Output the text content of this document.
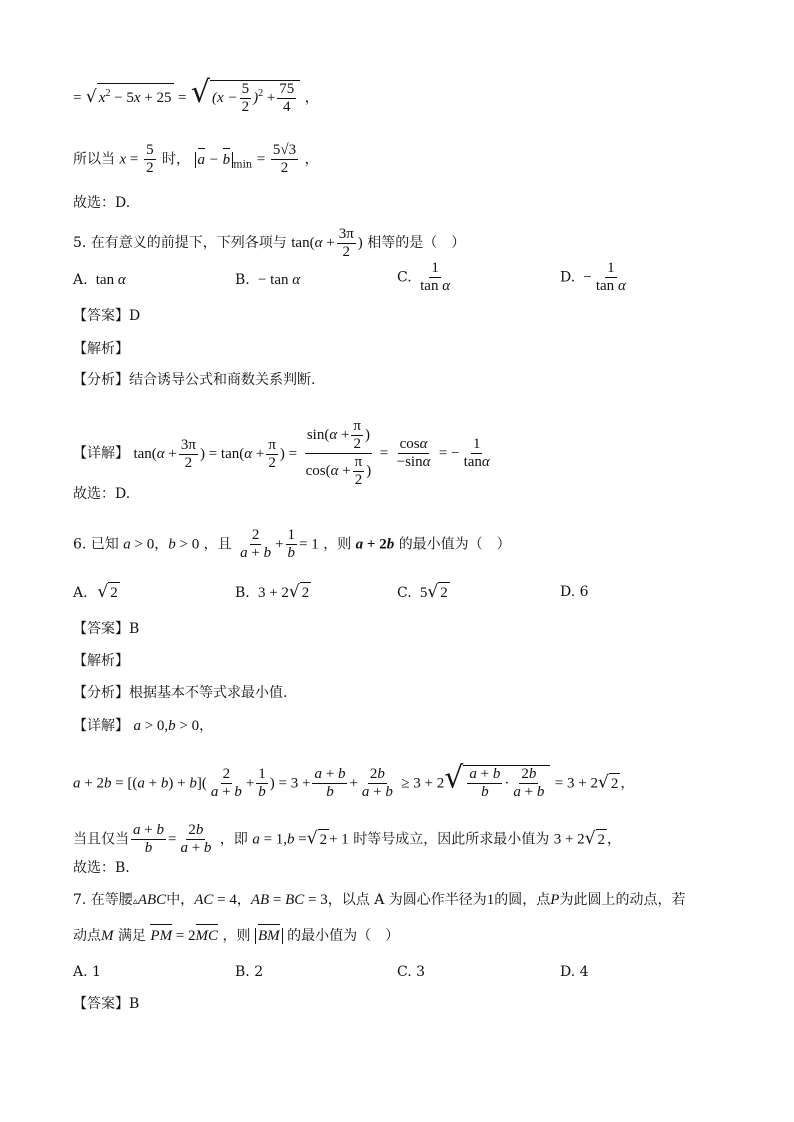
= √ $x^2 - 5x + 25$ = √ $(x - \frac{5}{2} )^2 + \frac{75}{4}$ ，
所以当 $x = \frac{5}{2}$ 时， a − b $_{min} = \frac{5√3}{2}$ ，
故选：D.
5. 在有意义的前提下，下列各项与 $\tan(\alpha + \frac{3\pi}{2}$ ) 相等的是（　）
A.  tan α	B.  − tan α	C. $\frac{1}{\text{tan α}}$	D.  − $\frac{1}{\text{tan α}}$
【答案】D
【解析】
【分析】结合诱导公式和商数关系判断.
【详解】 $\tan(\alpha + \frac{3\pi}{2}$ ) = $\tan(\alpha + \frac{\pi}{2}$ ) = $\frac{\sin(\alpha + \frac{\pi}{2} )}{\cos(\alpha + \frac{\pi}{2} )} = \frac{\cos\alpha}{-\sin\alpha}$ = − $\frac{1}{\tan\alpha}$
故选：D.
6. 已知 a > 0，b > 0 ，且 $\frac{2}{a + b} + \frac{1}{b} = 1$ ，则 a + 2b 的最小值为（　）
A.  √ 2	B.  3 + 2√ 2	C.  5√ 2	D. 6
【答案】B
【解析】
【分析】根据基本不等式求最小值.
【详解】 a > 0,b > 0，
$a + 2b = [(a + b) + b]( \frac{2}{a + b} + \frac{1}{b}$ ) = $3 + \frac{a + b}{b} + \frac{2b}{a + b} \ge 3 + 2√ \frac{a + b}{b} \cdot \frac{2b}{a + b} = 3 + 2√$ 2 ，
当且仅当 $\frac{a + b}{b} = \frac{2b}{a + b}$ ，即 a = 1,b =√ 2 + 1 时等号成立，因此所求最小值为 3 + 2√ 2 ，
故选：B.
7. 在等腰▵ABC中，AC = 4，AB = BC = 3，以点 A 为圆心作半径为1的圆，点P为此圆上的动点，若
动点M 满足 PM = 2MC ，则 BM 的最小值为（　）
A. 1	B. 2	C. 3	D. 4
【答案】B
